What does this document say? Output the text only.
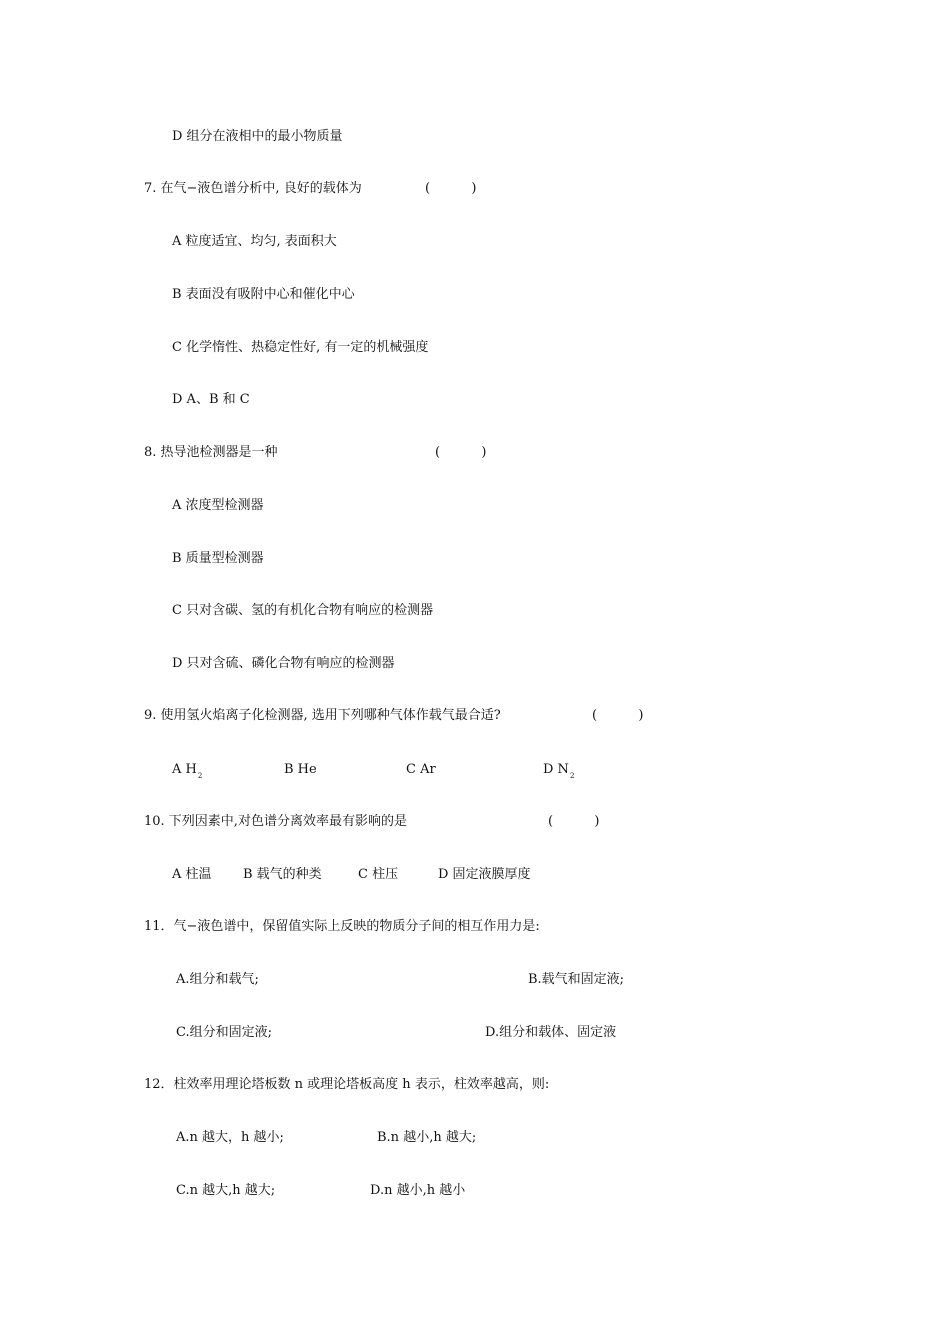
D 组分在液相中的最小物质量
7. 在气−液色谱分析中, 良好的载体为	(          )
A 粒度适宜、均匀, 表面积大
B 表面没有吸附中心和催化中心
C 化学惰性、热稳定性好, 有一定的机械强度
D A、B 和 C
8. 热导池检测器是一种	(          )
A 浓度型检测器
B 质量型检测器
C 只对含碳、氢的有机化合物有响应的检测器
D 只对含硫、磷化合物有响应的检测器
9. 使用氢火焰离子化检测器, 选用下列哪种气体作载气最合适?	(          )
A $H_2$	B He	C Ar	D $N_2$
10. 下列因素中,对色谱分离效率最有影响的是	(          )
A 柱温 B 载气的种类	C 柱压	D 固定液膜厚度
11．气−液色谱中，保留值实际上反映的物质分子间的相互作用力是:
A.组分和载气;	B.载气和固定液;
C.组分和固定液;	D.组分和载体、固定液
12．柱效率用理论塔板数 n 或理论塔板高度 h 表示，柱效率越高，则:
A.n 越大，h 越小;	B.n 越小,h 越大;
C.n 越大,h 越大;	D.n 越小,h 越小
